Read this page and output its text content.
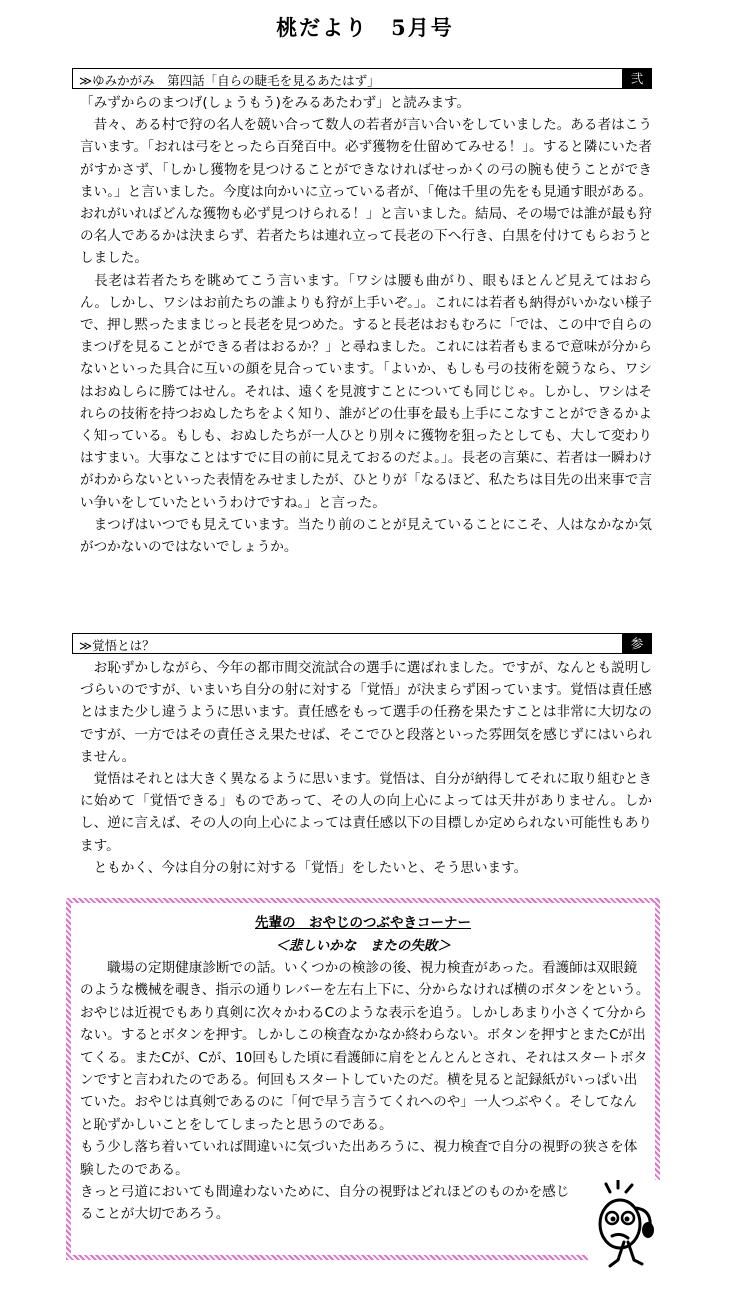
桃だより　5月号
≫ゆみかがみ　第四話「自らの睫毛を見るあたはず」	弐

「みずからのまつげ(しょうもう)をみるあたわず」と読みます。

　昔々、ある村で狩の名人を競い合って数人の若者が言い合いをしていました。ある者はこう言います。「おれは弓をとったら百発百中。必ず獲物を仕留めてみせる！」。すると隣にいた者がすかさず、「しかし獲物を見つけることができなければせっかくの弓の腕も使うことができまい。」と言いました。今度は向かいに立っている者が、「俺は千里の先をも見通す眼がある。おれがいればどんな獲物も必ず見つけられる！」と言いました。結局、その場では誰が最も狩の名人であるかは決まらず、若者たちは連れ立って長老の下へ行き、白黒を付けてもらおうとしました。

　長老は若者たちを眺めてこう言います。「ワシは腰も曲がり、眼もほとんど見えてはおらん。しかし、ワシはお前たちの誰よりも狩が上手いぞ。」。これには若者も納得がいかない様子で、押し黙ったままじっと長老を見つめた。すると長老はおもむろに「では、この中で自らのまつげを見ることができる者はおるか？」と尋ねました。これには若者もまるで意味が分からないといった具合に互いの顔を見合っています。「よいか、もしも弓の技術を競うなら、ワシはおぬしらに勝てはせん。それは、遠くを見渡すことについても同じじゃ。しかし、ワシはそれらの技術を持つおぬしたちをよく知り、誰がどの仕事を最も上手にこなすことができるかよく知っている。もしも、おぬしたちが一人ひとり別々に獲物を狙ったとしても、大して変わりはすまい。大事なことはすでに目の前に見えておるのだよ。」。長老の言葉に、若者は一瞬わけがわからないといった表情をみせましたが、ひとりが「なるほど、私たちは目先の出来事で言い争いをしていたというわけですね。」と言った。

　まつげはいつでも見えています。当たり前のことが見えていることにこそ、人はなかなか気がつかないのではないでしょうか。

≫覚悟とは？	参

　お恥ずかしながら、今年の都市間交流試合の選手に選ばれました。ですが、なんとも説明しづらいのですが、いまいち自分の射に対する「覚悟」が決まらず困っています。覚悟は責任感とはまた少し違うように思います。責任感をもって選手の任務を果たすことは非常に大切なのですが、一方ではその責任さえ果たせば、そこでひと段落といった雰囲気を感じずにはいられません。

　覚悟はそれとは大きく異なるように思います。覚悟は、自分が納得してそれに取り組むときに始めて「覚悟できる」ものであって、その人の向上心によっては天井がありません。しかし、逆に言えば、その人の向上心によっては責任感以下の目標しか定められない可能性もあります。

　ともかく、今は自分の射に対する「覚悟」をしたいと、そう思います。

先輩の　おやじのつぶやきコーナー
＜悲しいかな　またの失敗＞

　　職場の定期健康診断での話。いくつかの検診の後、視力検査があった。看護師は双眼鏡のような機械を覗き、指示の通りレバーを左右上下に、分からなければ横のボタンをという。おやじは近視でもあり真剣に次々かわるCのような表示を追う。しかしあまり小さくて分からない。するとボタンを押す。しかしこの検査なかなか終わらない。ボタンを押すとまたCが出てくる。またCが、Cが、10回もした頃に看護師に肩をとんとんとされ、それはスタートボタンですと言われたのである。何回もスタートしていたのだ。横を見ると記録紙がいっぱい出ていた。おやじは真剣であるのに「何で早う言うてくれへのや」一人つぶやく。そしてなんと恥ずかしいことをしてしまったと思うのである。

もう少し落ち着いていれば間違いに気づいた出あろうに、視力検査で自分の視野の狭さを体験したのである。

きっと弓道においても間違わないために、自分の視野はどれほどのものかを感じることが大切であろう。
